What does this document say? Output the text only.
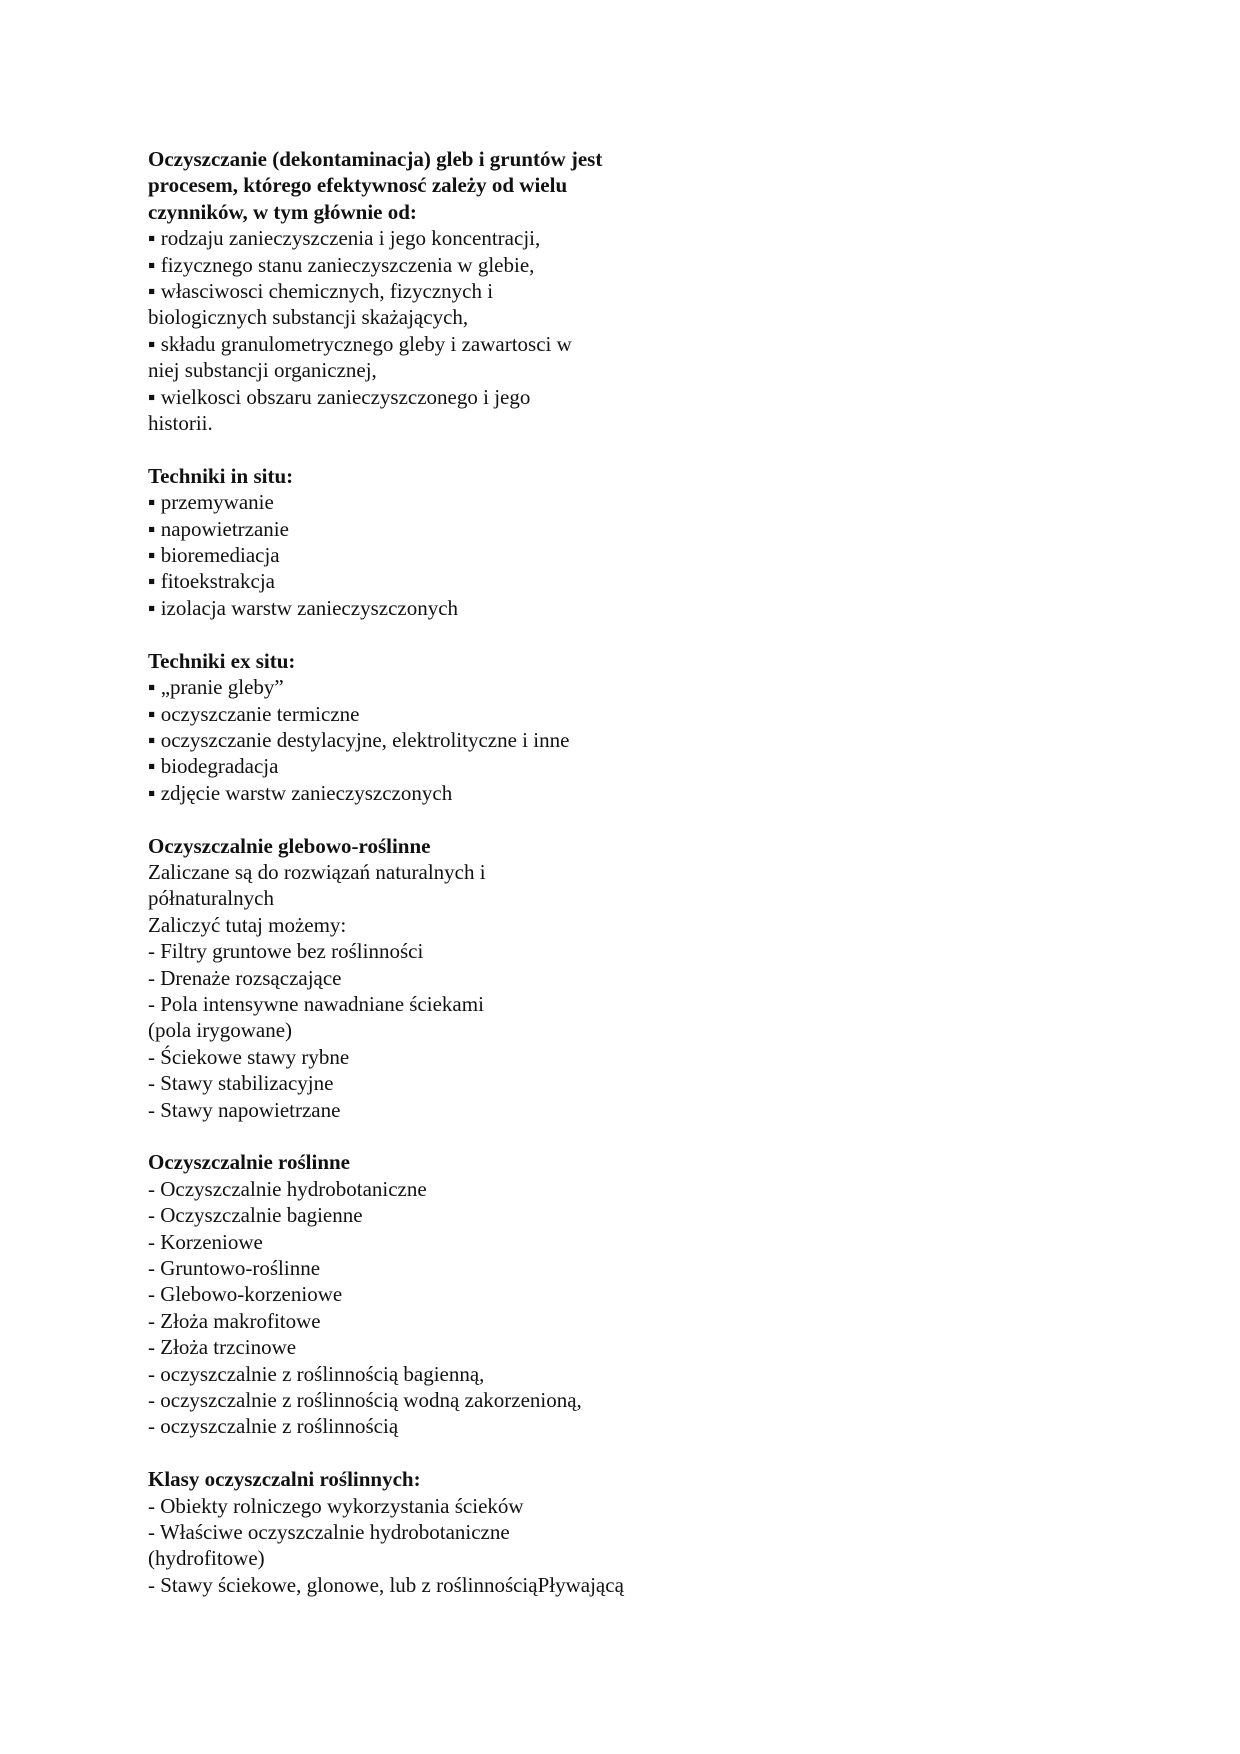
Oczyszczanie (dekontaminacja) gleb i gruntów jest
procesem, którego efektywnosć zależy od wielu
czynników, w tym głównie od:
▪ rodzaju zanieczyszczenia i jego koncentracji,
▪ fizycznego stanu zanieczyszczenia w glebie,
▪ własciwosci chemicznych, fizycznych i
biologicznych substancji skażających,
▪ składu granulometrycznego gleby i zawartosci w
niej substancji organicznej,
▪ wielkosci obszaru zanieczyszczonego i jego
historii.
Techniki in situ:
▪ przemywanie
▪ napowietrzanie
▪ bioremediacja
▪ fitoekstrakcja
▪ izolacja warstw zanieczyszczonych
Techniki ex situ:
▪ „pranie gleby”
▪ oczyszczanie termiczne
▪ oczyszczanie destylacyjne, elektrolityczne i inne
▪ biodegradacja
▪ zdjęcie warstw zanieczyszczonych
Oczyszczalnie glebowo-roślinne
Zaliczane są do rozwiązań naturalnych i
półnaturalnych
Zaliczyć tutaj możemy:
- Filtry gruntowe bez roślinności
- Drenaże rozsączające
- Pola intensywne nawadniane ściekami
(pola irygowane)
- Ściekowe stawy rybne
- Stawy stabilizacyjne
- Stawy napowietrzane
Oczyszczalnie roślinne
- Oczyszczalnie hydrobotaniczne
- Oczyszczalnie bagienne
- Korzeniowe
- Gruntowo-roślinne
- Glebowo-korzeniowe
- Złoża makrofitowe
- Złoża trzcinowe
- oczyszczalnie z roślinnością bagienną,
- oczyszczalnie z roślinnością wodną zakorzenioną,
- oczyszczalnie z roślinnością
Klasy oczyszczalni roślinnych:
- Obiekty rolniczego wykorzystania ścieków
- Właściwe oczyszczalnie hydrobotaniczne
(hydrofitowe)
- Stawy ściekowe, glonowe, lub z roślinnościąPływającą
